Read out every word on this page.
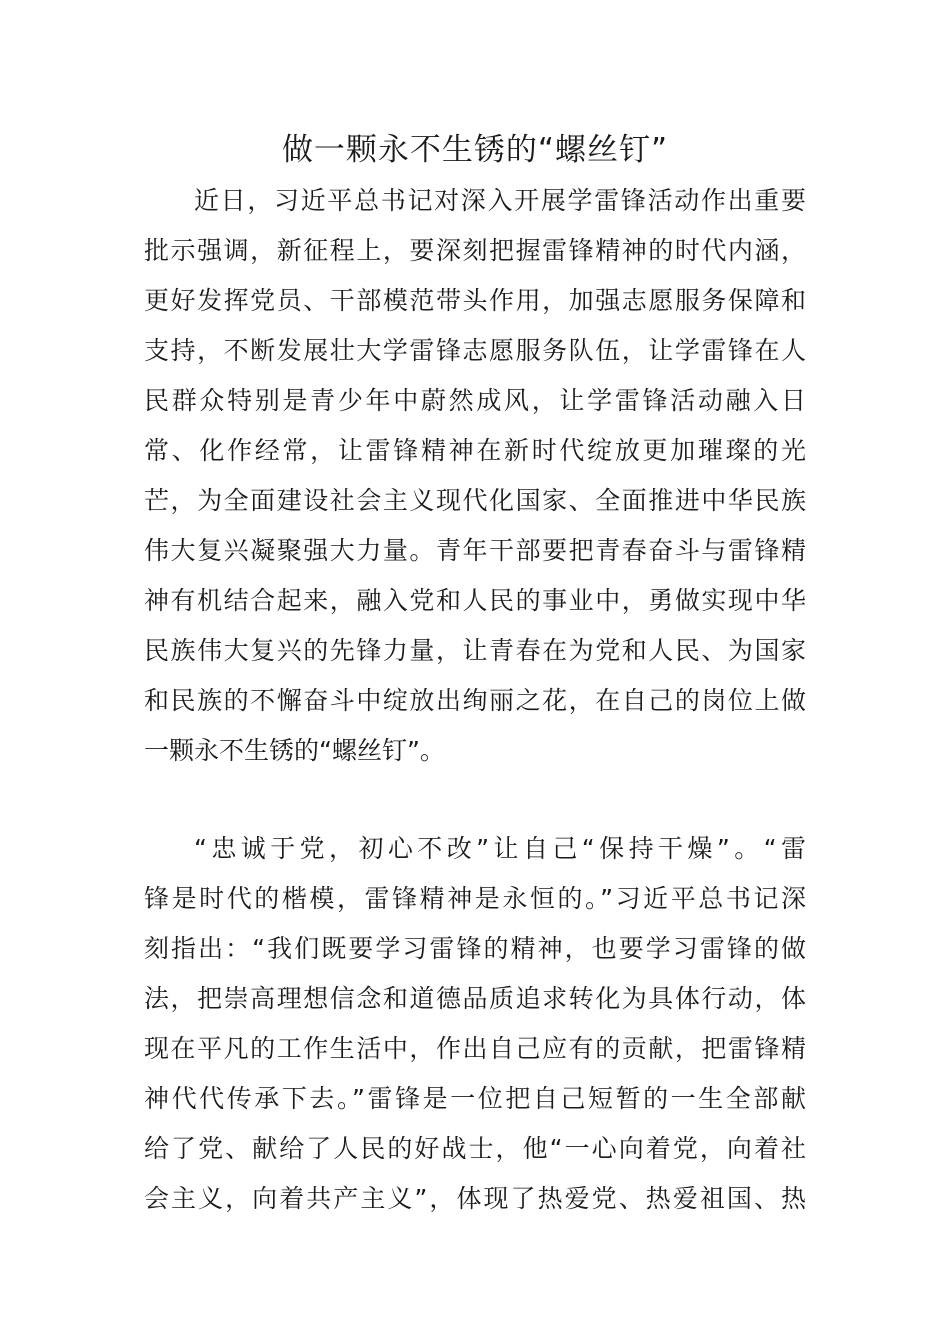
做一颗永不生锈的“螺丝钉”
近日，习近平总书记对深入开展学雷锋活动作出重要
批示强调，新征程上，要深刻把握雷锋精神的时代内涵，
更好发挥党员、干部模范带头作用，加强志愿服务保障和
支持，不断发展壮大学雷锋志愿服务队伍，让学雷锋在人
民群众特别是青少年中蔚然成风，让学雷锋活动融入日
常、化作经常，让雷锋精神在新时代绽放更加璀璨的光
芒，为全面建设社会主义现代化国家、全面推进中华民族
伟大复兴凝聚强大力量。青年干部要把青春奋斗与雷锋精
神有机结合起来，融入党和人民的事业中，勇做实现中华
民族伟大复兴的先锋力量，让青春在为党和人民、为国家
和民族的不懈奋斗中绽放出绚丽之花，在自己的岗位上做
一颗永不生锈的“螺丝钉”。
“忠诚于党，初心不改”让自己“保持干燥”。“雷
锋是时代的楷模，雷锋精神是永恒的。”习近平总书记深
刻指出：“我们既要学习雷锋的精神，也要学习雷锋的做
法，把崇高理想信念和道德品质追求转化为具体行动，体
现在平凡的工作生活中，作出自己应有的贡献，把雷锋精
神代代传承下去。”雷锋是一位把自己短暂的一生全部献
给了党、献给了人民的好战士，他“一心向着党，向着社
会主义，向着共产主义”，体现了热爱党、热爱祖国、热
